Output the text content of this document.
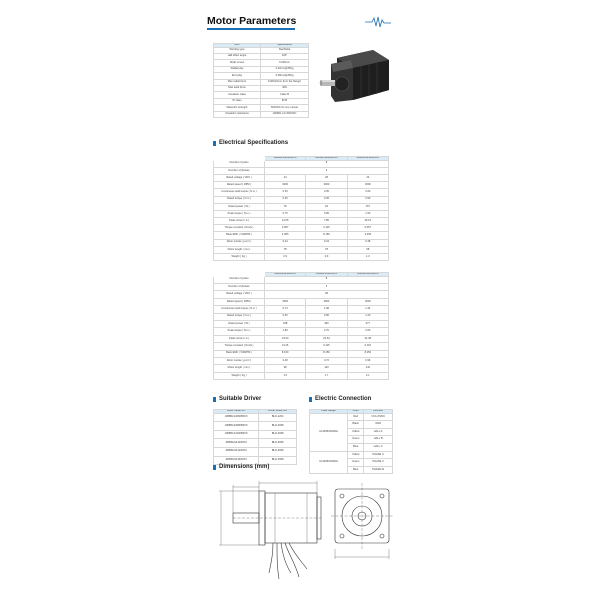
Motor Parameters
Item	Specification
Winding type	Star/Delta
Hall effect angle	120°
Shaft runout	0.025mm
Radial play	0.02mm@450g
End play	0.08mm@450g
Max radial force	110N(10mm from the flange)
Max axial force	40N
Insulation class	Class B
IP class	IP40
Dielectric strength	500VDC for one minute
Insulation resistance	100MΩ min,500VDC
Electrical Specifications
	J086BLS4060B3XX	J086BLS4080B3XX	J086BLS4100B3XX
Number of poles	8		
Number of phases	3		
Rated voltage ( VDC )	24	48	24
Rated speed ( RPM )	3000	3000	3000
Continuous stall torque ( N.m )	0.35	0.35	0.60
Rated torque ( N.m )	0.25	0.35	0.50
Rated power ( W )	78	94	157
Peak torque ( N.m )	0.75	0.95	1.50
Peak current ( A )	13.05	7.85	26.15
Torque constant ( Nm/A )	0.057	0.115	0.057
Back EMF ( V/KRPM )	4.005	8.150	4.005
Rotor inertia ( g.cm² )	0.24	0.24	0.48
Motor length ( mm )	78	78	98
Weight ( Kg )	0.9	0.9	1.3
	J086BLS4100DXX	J086BLS4120DXX	J086BLS4160DXX
Number of poles	8		
Number of phases	3		
Rated voltage ( VDC )	48		
Rated speed ( RPM )	3000	3000	3000
Continuous stall torque ( N.m )	0.73	1.08	1.44
Rated torque ( N.m )	0.60	0.90	1.20
Rated power ( W )	188	282	377
Peak torque ( N.m )	1.80	2.70	3.60
Peak current ( A )	15.60	23.54	31.38
Torque constant ( Nm/A )	0.115	0.115	0.115
Back EMF ( V/KRPM )	8.150	8.150	8.150
Rotor inertia ( g.cm² )	0.48	0.72	0.96
Motor length ( mm )	98	120	142
Weight ( Kg )	1.5	1.7	2.1
Suitable Driver
Motor Mode No.	Driver Mode No.
J086BLS4060B3XX	BLD-1204
J086BLS4080B3XX	BLD-3008
J086BLS4100B3XX	BLD-3008
J086BLS4100DXX	BLD-3008
J086BLS4120DXX	BLD-3008
J086BLS4160DXX	BLD-3008
Electric Connection
Lead Gauge	Color	Function
UL3266/26AWG	Red	VCC+5VDC
	Black	GND
	Yellow	HALL A
	Green	HALL B
	Blue	HALL C
UL3266/18AWG	Yellow	PHASE U
	Green	PHASE V
	Blue	PHASE W
Dimensions (mm)
